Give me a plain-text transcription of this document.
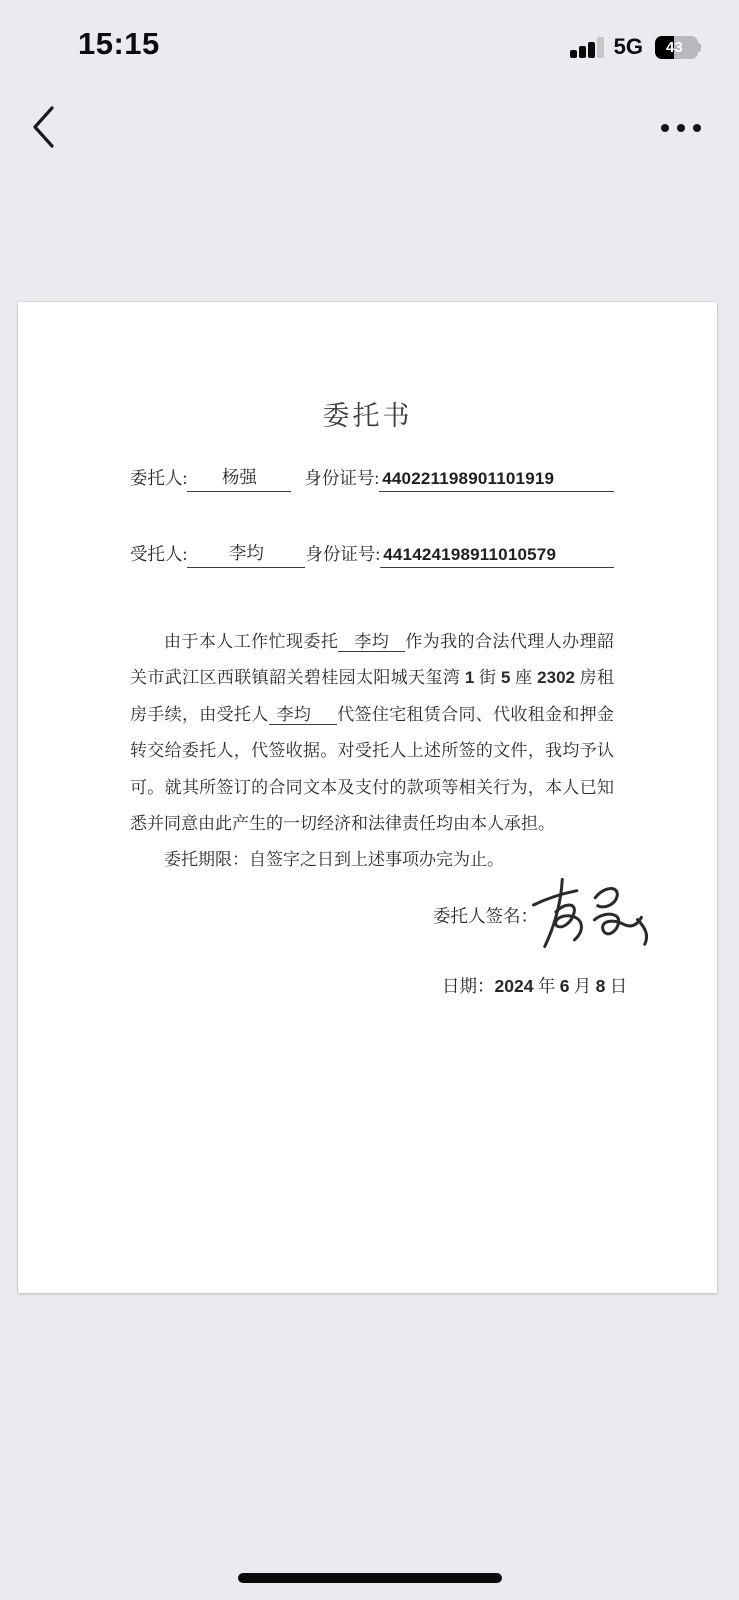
15:15	5G	4 3
委托书
委托人:	杨强	身份证号: 440221198901101919
受托人:	李均	身份证号: 441424198911010579
由于本人工作忙现委托 李均 作为我的合法代理人办理韶
关市武江区西联镇韶关碧桂园太阳城天玺湾 1 街 5 座 2302 房租
房手续，由受托人 李均 代签住宅租赁合同、代收租金和押金
转交给委托人，代签收据。对受托人上述所签的文件，我均予认
可。就其所签订的合同文本及支付的款项等相关行为，本人已知
悉并同意由此产生的一切经济和法律责任均由本人承担。
委托期限：自签字之日到上述事项办完为止。
委托人签名：
日期：2024 年 6 月 8 日
